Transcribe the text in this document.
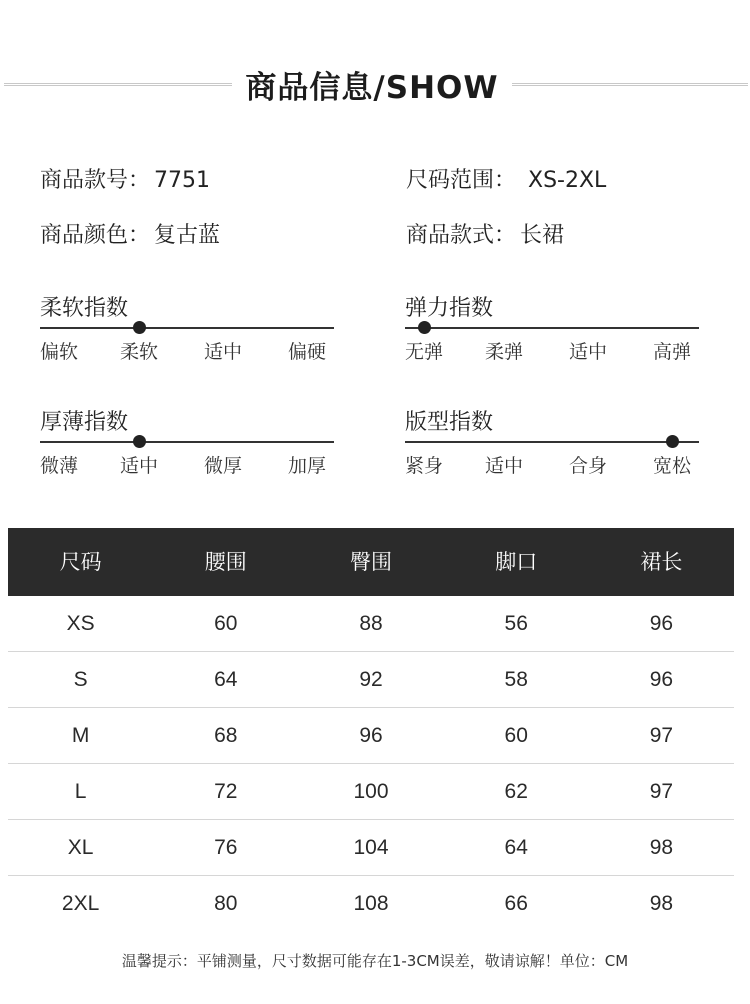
商品信息/SHOW
商品款号： 7751	尺码范围： XS-2XL
商品颜色： 复古蓝	商品款式： 长裙
柔软指数
偏软 柔软 适中 偏硬
弹力指数
无弹 柔弹 适中 高弹
厚薄指数
微薄 适中 微厚 加厚
版型指数
紧身 适中 合身 宽松
尺码	腰围	臀围	脚口	裙长
XS	60	88	56	96
S	64	92	58	96
M	68	96	60	97
L	72	100	62	97
XL	76	104	64	98
2XL	80	108	66	98
温馨提示：平铺测量，尺寸数据可能存在1-3CM误差，敬请谅解！单位：CM
